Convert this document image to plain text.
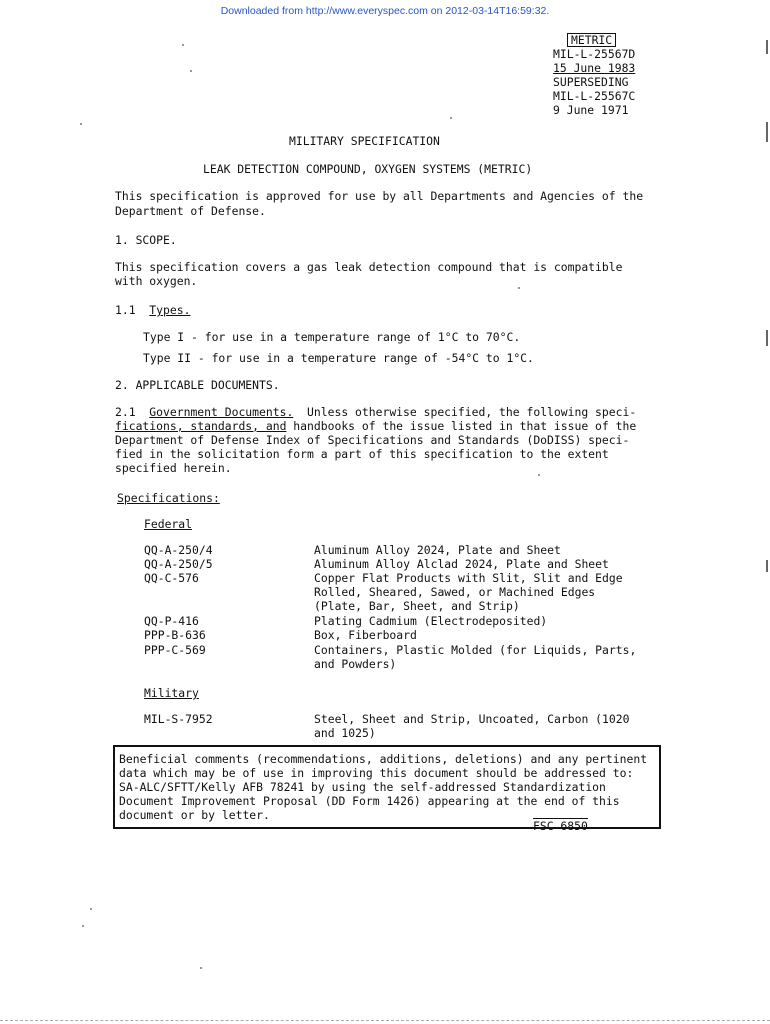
Downloaded from http://www.everyspec.com on 2012-03-14T16:59:32.
METRIC
MIL-L-25567D
15 June 1983
SUPERSEDING
MIL-L-25567C
9 June 1971
MILITARY SPECIFICATION
LEAK DETECTION COMPOUND, OXYGEN SYSTEMS (METRIC)
This specification is approved for use by all Departments and Agencies of the
Department of Defense.
1. SCOPE.
This specification covers a gas leak detection compound that is compatible
with oxygen.
1.1 Types.
Type I - for use in a temperature range of 1°C to 70°C.
Type II - for use in a temperature range of -54°C to 1°C.
2. APPLICABLE DOCUMENTS.
2.1 Government Documents.  Unless otherwise specified, the following speci-
fications, standards, and handbooks of the issue listed in that issue of the
Department of Defense Index of Specifications and Standards (DoDISS) speci-
fied in the solicitation form a part of this specification to the extent
specified herein.
Specifications:
Federal
QQ-A-250/4	Aluminum Alloy 2024, Plate and Sheet
QQ-A-250/5	Aluminum Alloy Alclad 2024, Plate and Sheet
QQ-C-576	Copper Flat Products with Slit, Slit and Edge
Rolled, Sheared, Sawed, or Machined Edges
(Plate, Bar, Sheet, and Strip)
QQ-P-416	Plating Cadmium (Electrodeposited)
PPP-B-636	Box, Fiberboard
PPP-C-569	Containers, Plastic Molded (for Liquids, Parts,
and Powders)
Military
MIL-S-7952	Steel, Sheet and Strip, Uncoated, Carbon (1020
and 1025)
Beneficial comments (recommendations, additions, deletions) and any pertinent
data which may be of use in improving this document should be addressed to:
SA-ALC/SFTT/Kelly AFB 78241 by using the self-addressed Standardization
Document Improvement Proposal (DD Form 1426) appearing at the end of this
document or by letter.
FSC 6850
